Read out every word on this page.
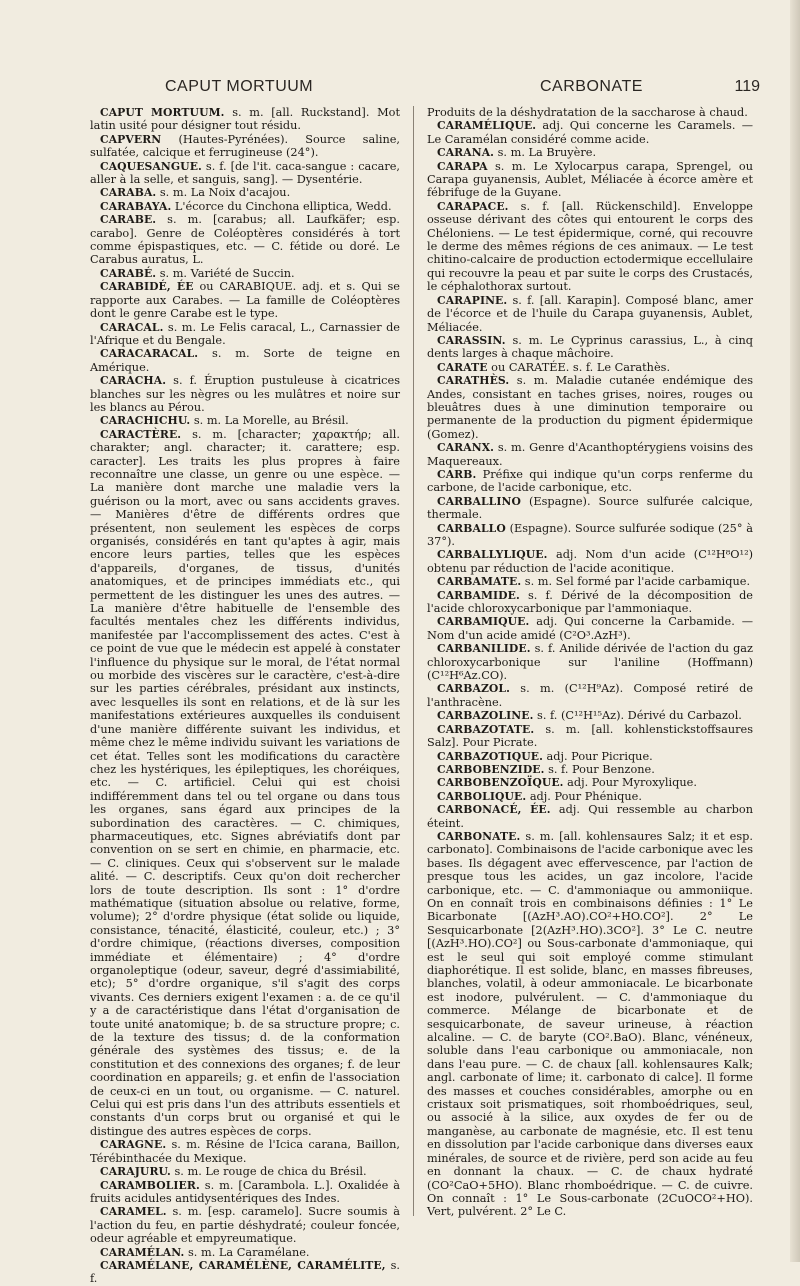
CAPUT MORTUUM	CARBONATE	119

CAPUT MORTUUM. s. m. [all. Ruckstand]. Mot latin usité pour désigner tout résidu.

CAPVERN (Hautes-Pyrénées). Source saline, sulfatée, calcique et ferrugineuse (24°).

CAQUESANGUE. s. f. [de l'it. caca-sangue : cacare, aller à la selle, et sanguis, sang]. — Dysentérie.

CARABA. s. m. La Noix d'acajou.

CARABAYA. L'écorce du Cinchona elliptica, Wedd.

CARABE. s. m. [carabus; all. Laufkäfer; esp. carabo]. Genre de Coléoptères considérés à tort comme épispastiques, etc. — C. fétide ou doré. Le Carabus auratus, L.

CARABÉ. s. m. Variété de Succin.

CARABIDÉ, ÉE ou CARABIQUE. adj. et s. Qui se rapporte aux Carabes. — La famille de Coléoptères dont le genre Carabe est le type.

CARACAL. s. m. Le Felis caracal, L., Carnassier de l'Afrique et du Bengale.

CARACARACAL. s. m. Sorte de teigne en Amérique.

CARACHA. s. f. Éruption pustuleuse à cicatrices blanches sur les nègres ou les mulâtres et noire sur les blancs au Pérou.

CARACHICHU. s. m. La Morelle, au Brésil.

CARACTÈRE. s. m. [character; χαρακτήρ; all. charakter; angl. character; it. carattere; esp. caracter]. Les traits les plus propres à faire reconnaître une classe, un genre ou une espèce. — La manière dont marche une maladie vers la guérison ou la mort, avec ou sans accidents graves. — Manières d'être de différents ordres que présentent, non seulement les espèces de corps organisés, considérés en tant qu'aptes à agir, mais encore leurs parties, telles que les espèces d'appareils, d'organes, de tissus, d'unités anatomiques, et de principes immédiats etc., qui permettent de les distinguer les unes des autres. — La manière d'être habituelle de l'ensemble des facultés mentales chez les différents individus, manifestée par l'accomplissement des actes. C'est à ce point de vue que le médecin est appelé à constater l'influence du physique sur le moral, de l'état normal ou morbide des viscères sur le caractère, c'est-à-dire sur les parties cérébrales, présidant aux instincts, avec lesquelles ils sont en relations, et de là sur les manifestations extérieures auxquelles ils conduisent d'une manière différente suivant les individus, et même chez le même individu suivant les variations de cet état. Telles sont les modifications du caractère chez les hystériques, les épileptiques, les choréiques, etc. — C. artificiel. Celui qui est choisi indifféremment dans tel ou tel organe ou dans tous les organes, sans égard aux principes de la subordination des caractères. — C. chimiques, pharmaceutiques, etc. Signes abréviatifs dont par convention on se sert en chimie, en pharmacie, etc. — C. cliniques. Ceux qui s'observent sur le malade alité. — C. descriptifs. Ceux qu'on doit rechercher lors de toute description. Ils sont : 1° d'ordre mathématique (situation absolue ou relative, forme, volume); 2° d'ordre physique (état solide ou liquide, consistance, ténacité, élasticité, couleur, etc.) ; 3° d'ordre chimique, (réactions diverses, composition immédiate et élémentaire) ; 4° d'ordre organoleptique (odeur, saveur, degré d'assimiabilité, etc); 5° d'ordre organique, s'il s'agit des corps vivants. Ces derniers exigent l'examen : a. de ce qu'il y a de caractéristique dans l'état d'organisation de toute unité anatomique; b. de sa structure propre; c. de la texture des tissus; d. de la conformation générale des systèmes des tissus; e. de la constitution et des connexions des organes; f. de leur coordination en appareils; g. et enfin de l'association de ceux-ci en un tout, ou organisme. — C. naturel. Celui qui est pris dans l'un des attributs essentiels et constants d'un corps brut ou organisé et qui le distingue des autres espèces de corps.

CARAGNE. s. m. Résine de l'Icica carana, Baillon, Térébinthacée du Mexique.

CARAJURU. s. m. Le rouge de chica du Brésil.

CARAMBOLIER. s. m. [Carambola. L.]. Oxalidée à fruits acidules antidysentériques des Indes.

CARAMEL. s. m. [esp. caramelo]. Sucre soumis à l'action du feu, en partie déshydraté; couleur foncée, odeur agréable et empyreumatique.

CARAMÉLAN. s. m. La Caramélane.

CARAMÉLANE, CARAMÉLÈNE, CARAMÉLITE, s. f.

Produits de la déshydratation de la saccharose à chaud.

CARAMÉLIQUE. adj. Qui concerne les Caramels. — Le Caramélan considéré comme acide.

CARANA. s. m. La Bruyère.

CARAPA s. m. Le Xylocarpus carapa, Sprengel, ou Carapa guyanensis, Aublet, Méliacée à écorce amère et fébrifuge de la Guyane.

CARAPACE. s. f. [all. Rückenschild]. Enveloppe osseuse dérivant des côtes qui entourent le corps des Chéloniens. — Le test épidermique, corné, qui recouvre le derme des mêmes régions de ces animaux. — Le test chitino-calcaire de production ectodermique eccellulaire qui recouvre la peau et par suite le corps des Crustacés, le céphalothorax surtout.

CARAPINE. s. f. [all. Karapin]. Composé blanc, amer de l'écorce et de l'huile du Carapa guyanensis, Aublet, Méliacée.

CARASSIN. s. m. Le Cyprinus carassius, L., à cinq dents larges à chaque mâchoire.

CARATE ou CARATÉE. s. f. Le Carathès.

CARATHÈS. s. m. Maladie cutanée endémique des Andes, consistant en taches grises, noires, rouges ou bleuâtres dues à une diminution temporaire ou permanente de la production du pigment épidermique (Gomez).

CARANX. s. m. Genre d'Acanthoptérygiens voisins des Maquereaux.

CARB. Préfixe qui indique qu'un corps renferme du carbone, de l'acide carbonique, etc.

CARBALLINO (Espagne). Source sulfurée calcique, thermale.

CARBALLO (Espagne). Source sulfurée sodique (25° à 37°).

CARBALLYLIQUE. adj. Nom d'un acide (C¹²H⁸O¹²) obtenu par réduction de l'acide aconitique.

CARBAMATE. s. m. Sel formé par l'acide carbamique.

CARBAMIDE. s. f. Dérivé de la décomposition de l'acide chloroxycarbonique par l'ammoniaque.

CARBAMIQUE. adj. Qui concerne la Carbamide. — Nom d'un acide amidé (C²O³.AzH³).

CARBANILIDE. s. f. Anilide dérivée de l'action du gaz chloroxycarbonique sur l'aniline (Hoffmann) (C¹²H⁶Az.CO).

CARBAZOL. s. m. (C¹²H⁹Az). Composé retiré de l'anthracène.

CARBAZOLINE. s. f. (C¹²H¹⁵Az). Dérivé du Carbazol.

CARBAZOTATE. s. m. [all. kohlenstickstoffsaures Salz]. Pour Picrate.

CARBAZOTIQUE. adj. Pour Picrique.

CARBOBENZIDE. s. f. Pour Benzone.

CARBOBENZOÏQUE. adj. Pour Myroxylique.

CARBOLIQUE. adj. Pour Phénique.

CARBONACÉ, ÉE. adj. Qui ressemble au charbon éteint.

CARBONATE. s. m. [all. kohlensaures Salz; it et esp. carbonato]. Combinaisons de l'acide carbonique avec les bases. Ils dégagent avec effervescence, par l'action de presque tous les acides, un gaz incolore, l'acide carbonique, etc. — C. d'ammoniaque ou ammoniique. On en connaît trois en combinaisons définies : 1° Le Bicarbonate [(AzH³.AO).CO²+HO.CO²]. 2° Le Sesquicarbonate [2(AzH³.HO).3CO²]. 3° Le C. neutre [(AzH³.HO).CO²] ou Sous-carbonate d'ammoniaque, qui est le seul qui soit employé comme stimulant diaphorétique. Il est solide, blanc, en masses fibreuses, blanches, volatil, à odeur ammoniacale. Le bicarbonate est inodore, pulvérulent. — C. d'ammoniaque du commerce. Mélange de bicarbonate et de sesquicarbonate, de saveur urineuse, à réaction alcaline. — C. de baryte (CO².BaO). Blanc, vénéneux, soluble dans l'eau carbonique ou ammoniacale, non dans l'eau pure. — C. de chaux [all. kohlensaures Kalk; angl. carbonate of lime; it. carbonato di calce]. Il forme des masses et couches considérables, amorphe ou en cristaux soit prismatiques, soit rhomboédriques, seul, ou associé à la silice, aux oxydes de fer ou de manganèse, au carbonate de magnésie, etc. Il est tenu en dissolution par l'acide carbonique dans diverses eaux minérales, de source et de rivière, perd son acide au feu en donnant la chaux. — C. de chaux hydraté (CO²CaO+5HO). Blanc rhomboédrique. — C. de cuivre. On connaît : 1° Le Sous-carbonate (2CuOCO²+HO). Vert, pulvérent. 2° Le C.
